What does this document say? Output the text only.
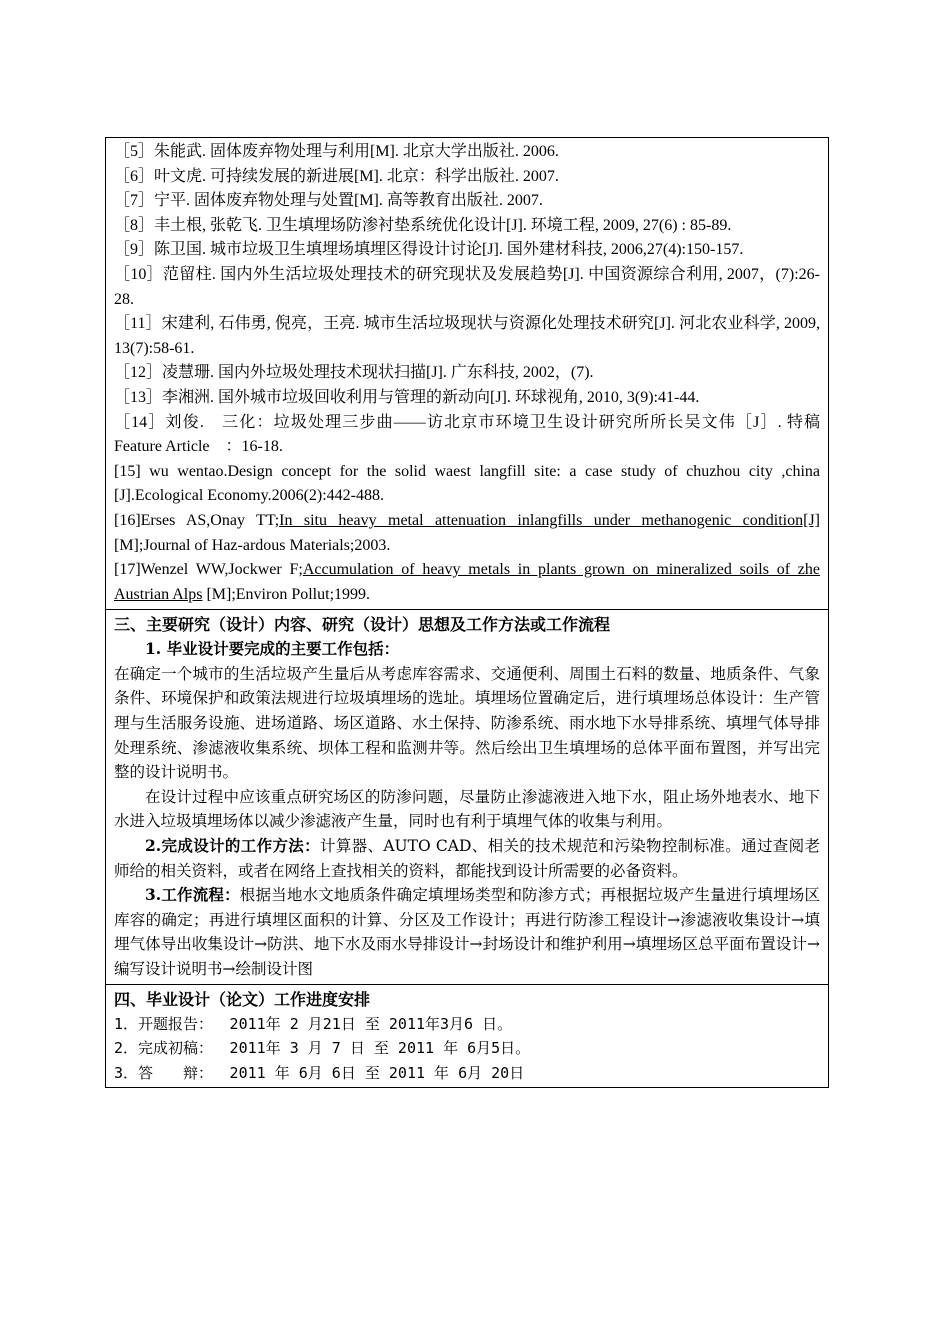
［5］朱能武. 固体废弃物处理与利用[M]. 北京大学出版社. 2006.
［6］叶文虎. 可持续发展的新进展[M]. 北京：科学出版社. 2007.
［7］宁平. 固体废弃物处理与处置[M]. 高等教育出版社. 2007.
［8］丰土根, 张乾飞. 卫生填埋场防渗衬垫系统优化设计[J]. 环境工程, 2009, 27(6) : 85-89.
［9］陈卫国. 城市垃圾卫生填埋场填埋区得设计讨论[J]. 国外建材科技, 2006,27(4):150-157.
［10］范留柱. 国内外生活垃圾处理技术的研究现状及发展趋势[J]. 中国资源综合利用, 2007，(7):26-28.
［11］宋建利, 石伟勇, 倪亮，王亮. 城市生活垃圾现状与资源化处理技术研究[J]. 河北农业科学, 2009, 13(7):58-61.
［12］凌慧珊. 国内外垃圾处理技术现状扫描[J]. 广东科技, 2002，(7).
［13］李湘洲. 国外城市垃圾回收利用与管理的新动向[J]. 环球视角, 2010, 3(9):41-44.
［14］刘俊.　三化：垃圾处理三步曲——访北京市环境卫生设计研究所所长吴文伟［J］. 特稿 Feature Article　：16-18.
[15] wu wentao.Design concept for the solid waest langfill site: a case study of chuzhou city ,china [J].Ecological Economy.2006(2):442-488.
[16]Erses AS,Onay TT;In situ heavy metal attenuation inlangfills under methanogenic condition[J] [M];Journal of Haz-ardous Materials;2003.
[17]Wenzel WW,Jockwer F;Accumulation of heavy metals in plants grown on mineralized soils of zhe Austrian Alps [M];Environ Pollut;1999.
三、主要研究（设计）内容、研究（设计）思想及工作方法或工作流程
1. 毕业设计要完成的主要工作包括：
在确定一个城市的生活垃圾产生量后从考虑库容需求、交通便利、周围土石料的数量、地质条件、气象条件、环境保护和政策法规进行垃圾填埋场的选址。填埋场位置确定后，进行填埋场总体设计：生产管理与生活服务设施、进场道路、场区道路、水土保持、防渗系统、雨水地下水导排系统、填埋气体导排处理系统、渗滤液收集系统、坝体工程和监测井等。然后绘出卫生填埋场的总体平面布置图，并写出完整的设计说明书。
在设计过程中应该重点研究场区的防渗问题，尽量防止渗滤液进入地下水，阻止场外地表水、地下水进入垃圾填埋场体以减少渗滤液产生量，同时也有利于填埋气体的收集与利用。
2.完成设计的工作方法：计算器、AUTO CAD、相关的技术规范和污染物控制标准。通过查阅老师给的相关资料，或者在网络上查找相关的资料，都能找到设计所需要的必备资料。
3.工作流程：根据当地水文地质条件确定填埋场类型和防渗方式；再根据垃圾产生量进行填埋场区库容的确定；再进行填埋区面积的计算、分区及工作设计；再进行防渗工程设计→渗滤液收集设计→填埋气体导出收集设计→防洪、地下水及雨水导排设计→封场设计和维护利用→填埋场区总平面布置设计→编写设计说明书→绘制设计图
四、毕业设计（论文）工作进度安排
1．开题报告：　 2011年 2 月21日 至 2011年3月6 日。
2．完成初稿：　 2011年 3 月 7 日 至 2011 年 6月5日。
3．答　　辩：　 2011 年 6月 6日 至 2011 年 6月 20日
